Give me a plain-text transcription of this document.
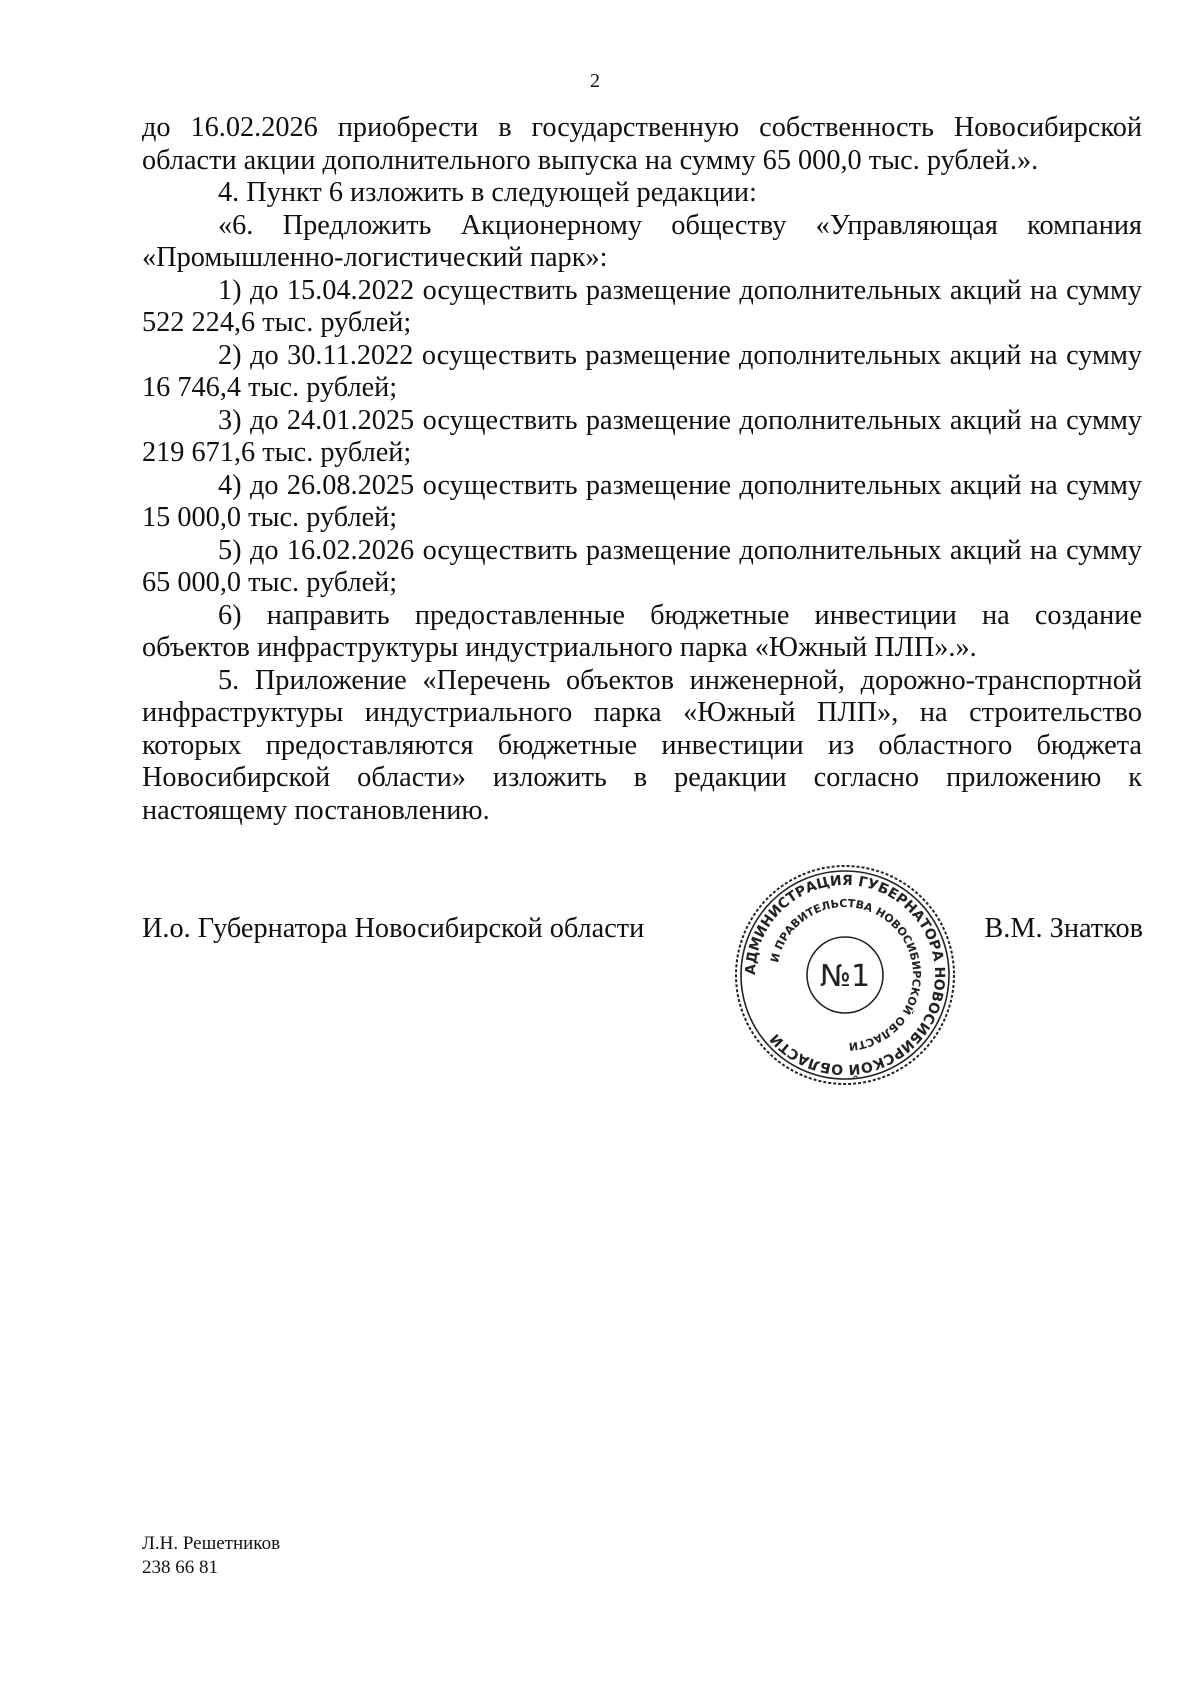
2

до 16.02.2026 приобрести в государственную собственность Новосибирской области акции дополнительного выпуска на сумму 65 000,0 тыс. рублей.».

4. Пункт 6 изложить в следующей редакции:

«6. Предложить Акционерному обществу «Управляющая компания «Промышленно-логистический парк»:

1) до 15.04.2022 осуществить размещение дополнительных акций на сумму 522 224,6 тыс. рублей;

2) до 30.11.2022 осуществить размещение дополнительных акций на сумму 16 746,4 тыс. рублей;

3) до 24.01.2025 осуществить размещение дополнительных акций на сумму 219 671,6 тыс. рублей;

4) до 26.08.2025 осуществить размещение дополнительных акций на сумму 15 000,0 тыс. рублей;

5) до 16.02.2026 осуществить размещение дополнительных акций на сумму 65 000,0 тыс. рублей;

6) направить предоставленные бюджетные инвестиции на создание объектов инфраструктуры индустриального парка «Южный ПЛП».».

5. Приложение «Перечень объектов инженерной, дорожно-транспортной инфраструктуры индустриального парка «Южный ПЛП», на строительство которых предоставляются бюджетные инвестиции из областного бюджета Новосибирской области» изложить в редакции согласно приложению к настоящему постановлению.

И.о. Губернатора Новосибирской области
АДМИНИСТРАЦИЯ ГУБЕРНАТОРА НОВОСИБИРСКОЙ ОБЛАСТИ
И ПРАВИТЕЛЬСТВА НОВОСИБИРСКОЙ ОБЛАСТИ
№1
В.М. Знатков
Л.Н. Решетников
238 66 81
